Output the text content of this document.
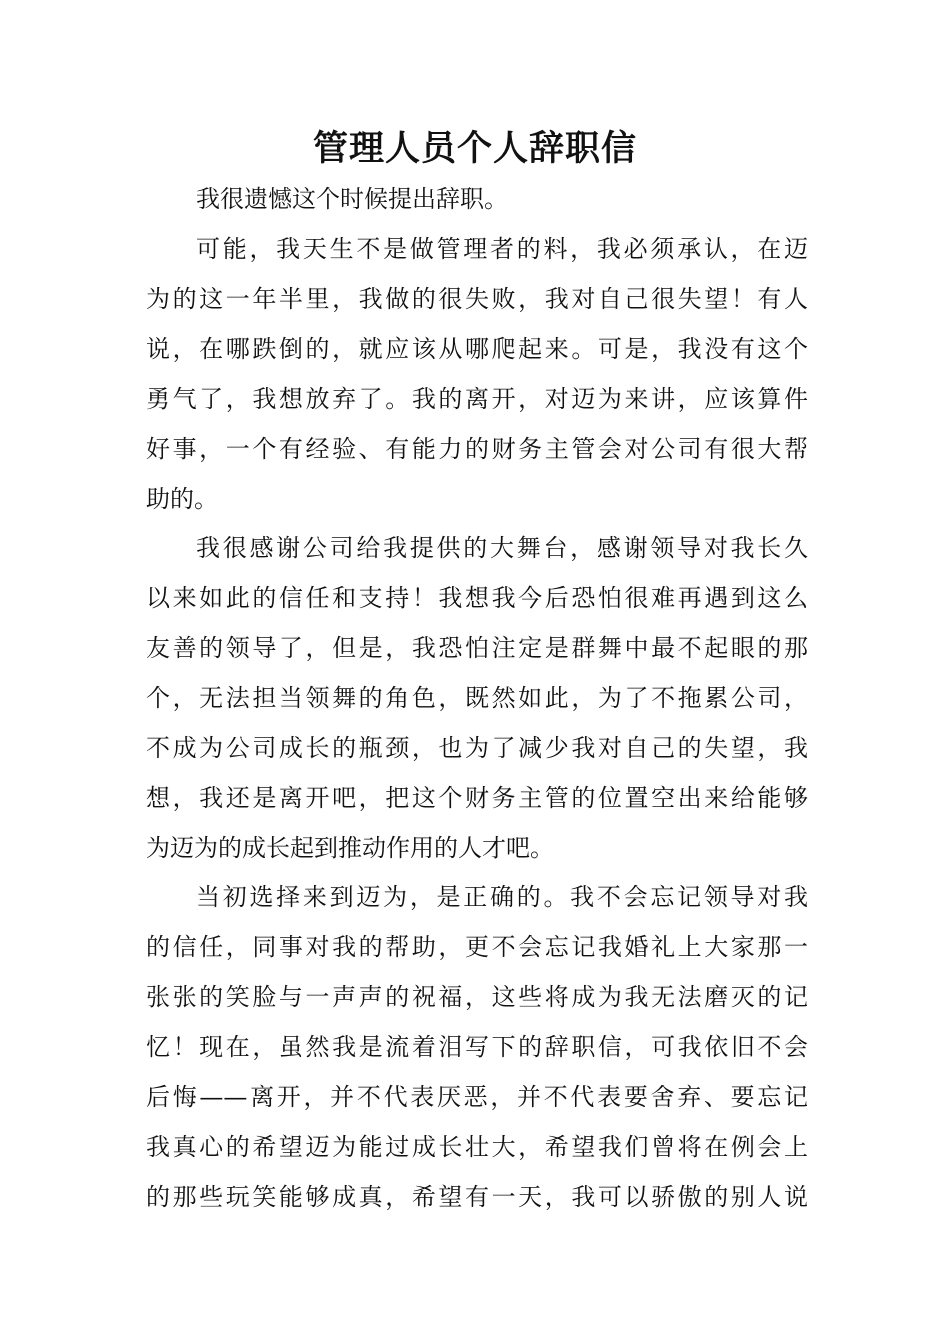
管理人员个人辞职信

我很遗憾这个时候提出辞职。

可能，我天生不是做管理者的料，我必须承认，在迈

为的这一年半里，我做的很失败，我对自己很失望！有人

说，在哪跌倒的，就应该从哪爬起来。可是，我没有这个

勇气了，我想放弃了。我的离开，对迈为来讲，应该算件

好事，一个有经验、有能力的财务主管会对公司有很大帮

助的。

我很感谢公司给我提供的大舞台，感谢领导对我长久

以来如此的信任和支持！我想我今后恐怕很难再遇到这么

友善的领导了，但是，我恐怕注定是群舞中最不起眼的那

个，无法担当领舞的角色，既然如此，为了不拖累公司，

不成为公司成长的瓶颈，也为了减少我对自己的失望，我

想，我还是离开吧，把这个财务主管的位置空出来给能够

为迈为的成长起到推动作用的人才吧。

当初选择来到迈为，是正确的。我不会忘记领导对我

的信任，同事对我的帮助，更不会忘记我婚礼上大家那一

张张的笑脸与一声声的祝福，这些将成为我无法磨灭的记

忆！现在，虽然我是流着泪写下的辞职信，可我依旧不会

后悔——离开，并不代表厌恶，并不代表要舍弃、要忘记

我真心的希望迈为能过成长壮大，希望我们曾将在例会上

的那些玩笑能够成真，希望有一天，我可以骄傲的别人说
